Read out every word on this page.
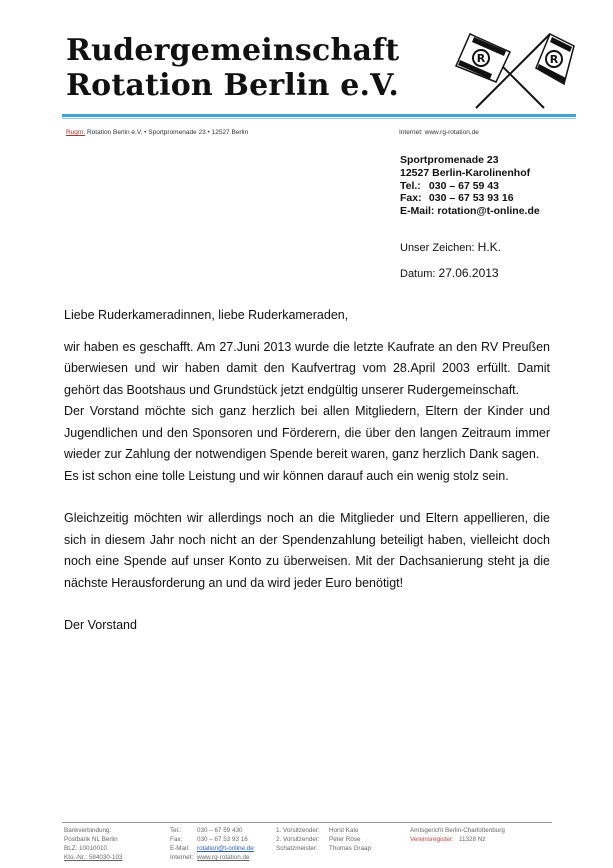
Rudergemeinschaft
Rotation Berlin e.V.
R	R
Rugm. Rotation Berlin e.V. • Sportpromenade 23 • 12527 Berlin	Internet: www.rg-rotation.de
Sportpromenade 23
12527 Berlin-Karolinenhof
Tel.: 030 – 67 59 43
Fax: 030 – 67 53 93 16
E-Mail: rotation@t-online.de
Unser Zeichen: H.K.
Datum: 27.06.2013

Liebe Ruderkameradinnen, liebe Ruderkameraden,

wir haben es geschafft. Am 27.Juni 2013 wurde die letzte Kaufrate an den RV Preußen überwiesen und wir haben damit den Kaufvertrag vom 28.April 2003 erfüllt. Damit gehört das Bootshaus und Grundstück jetzt endgültig unserer Rudergemeinschaft.

Der Vorstand möchte sich ganz herzlich bei allen Mitgliedern, Eltern der Kinder und Jugendlichen und den Sponsoren und Förderern, die über den langen Zeitraum immer wieder zur Zahlung der notwendigen Spende bereit waren, ganz herzlich Dank sagen.

Es ist schon eine tolle Leistung und wir können darauf auch ein wenig stolz sein.

Gleichzeitig möchten wir allerdings noch an die Mitglieder und Eltern appellieren, die sich in diesem Jahr noch nicht an der Spendenzahlung beteiligt haben, vielleicht doch noch eine Spende auf unser Konto zu überweisen. Mit der Dachsanierung steht ja die nächste Herausforderung an und da wird jeder Euro benötigt!

Der Vorstand

Bankverbindung:
Postbank NL Berlin
BLZ: 10010010
Kto.-Nr.: 584030-103
Tel.:
Fax:
E-Mail:
Internet:
030 – 67 59 430
030 – 67 53 93 16
rotation@t-online.de
www.rg-rotation.de
1. Vorsitzender:
2. Vorsitzender:
Schatzmeister:
Horst Kalo
Peter Röse
Thomas Graap
Amtsgericht Berlin-Charlottenburg
Vereinsregister: 11328 Nz
